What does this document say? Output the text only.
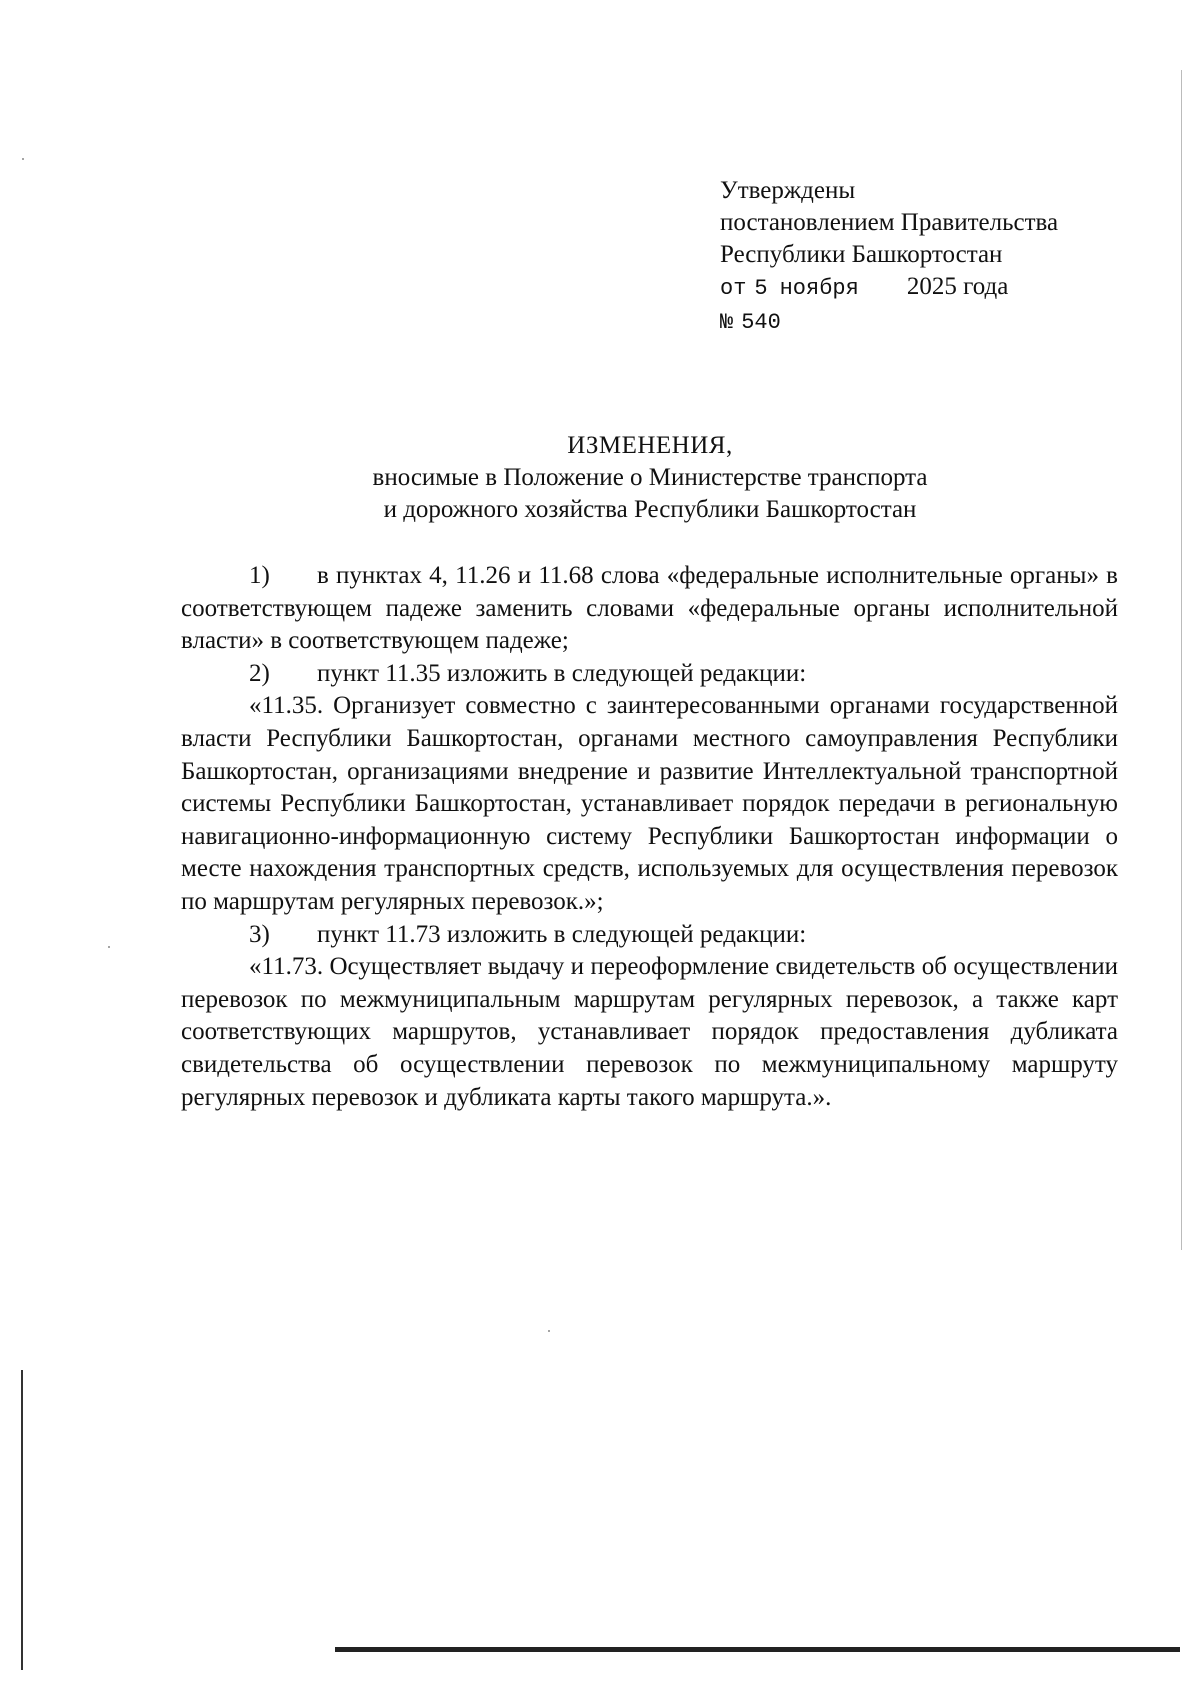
Утверждены
постановлением Правительства
Республики Башкортостан
от 5 ноября 2025 года
№ 540
ИЗМЕНЕНИЯ,
вносимые в Положение о Министерстве транспорта
и дорожного хозяйства Республики Башкортостан

1) в пунктах 4, 11.26 и 11.68 слова «федеральные исполнительные органы» в соответствующем падеже заменить словами «федеральные органы исполнительной власти» в соответствующем падеже;

2) пункт 11.35 изложить в следующей редакции:

«11.35. Организует совместно с заинтересованными органами государственной власти Республики Башкортостан, органами местного самоуправления Республики Башкортостан, организациями внедрение и развитие Интеллектуальной транспортной системы Республики Башкортостан, устанавливает порядок передачи в региональную навигационно-информационную систему Республики Башкортостан информации о месте нахождения транспортных средств, используемых для осуществления перевозок по маршрутам регулярных перевозок.»;

3) пункт 11.73 изложить в следующей редакции:

«11.73. Осуществляет выдачу и переоформление свидетельств об осуществлении перевозок по межмуниципальным маршрутам регулярных перевозок, а также карт соответствующих маршрутов, устанавливает порядок предоставления дубликата свидетельства об осуществлении перевозок по межмуниципальному маршруту регулярных перевозок и дубликата карты такого маршрута.».
